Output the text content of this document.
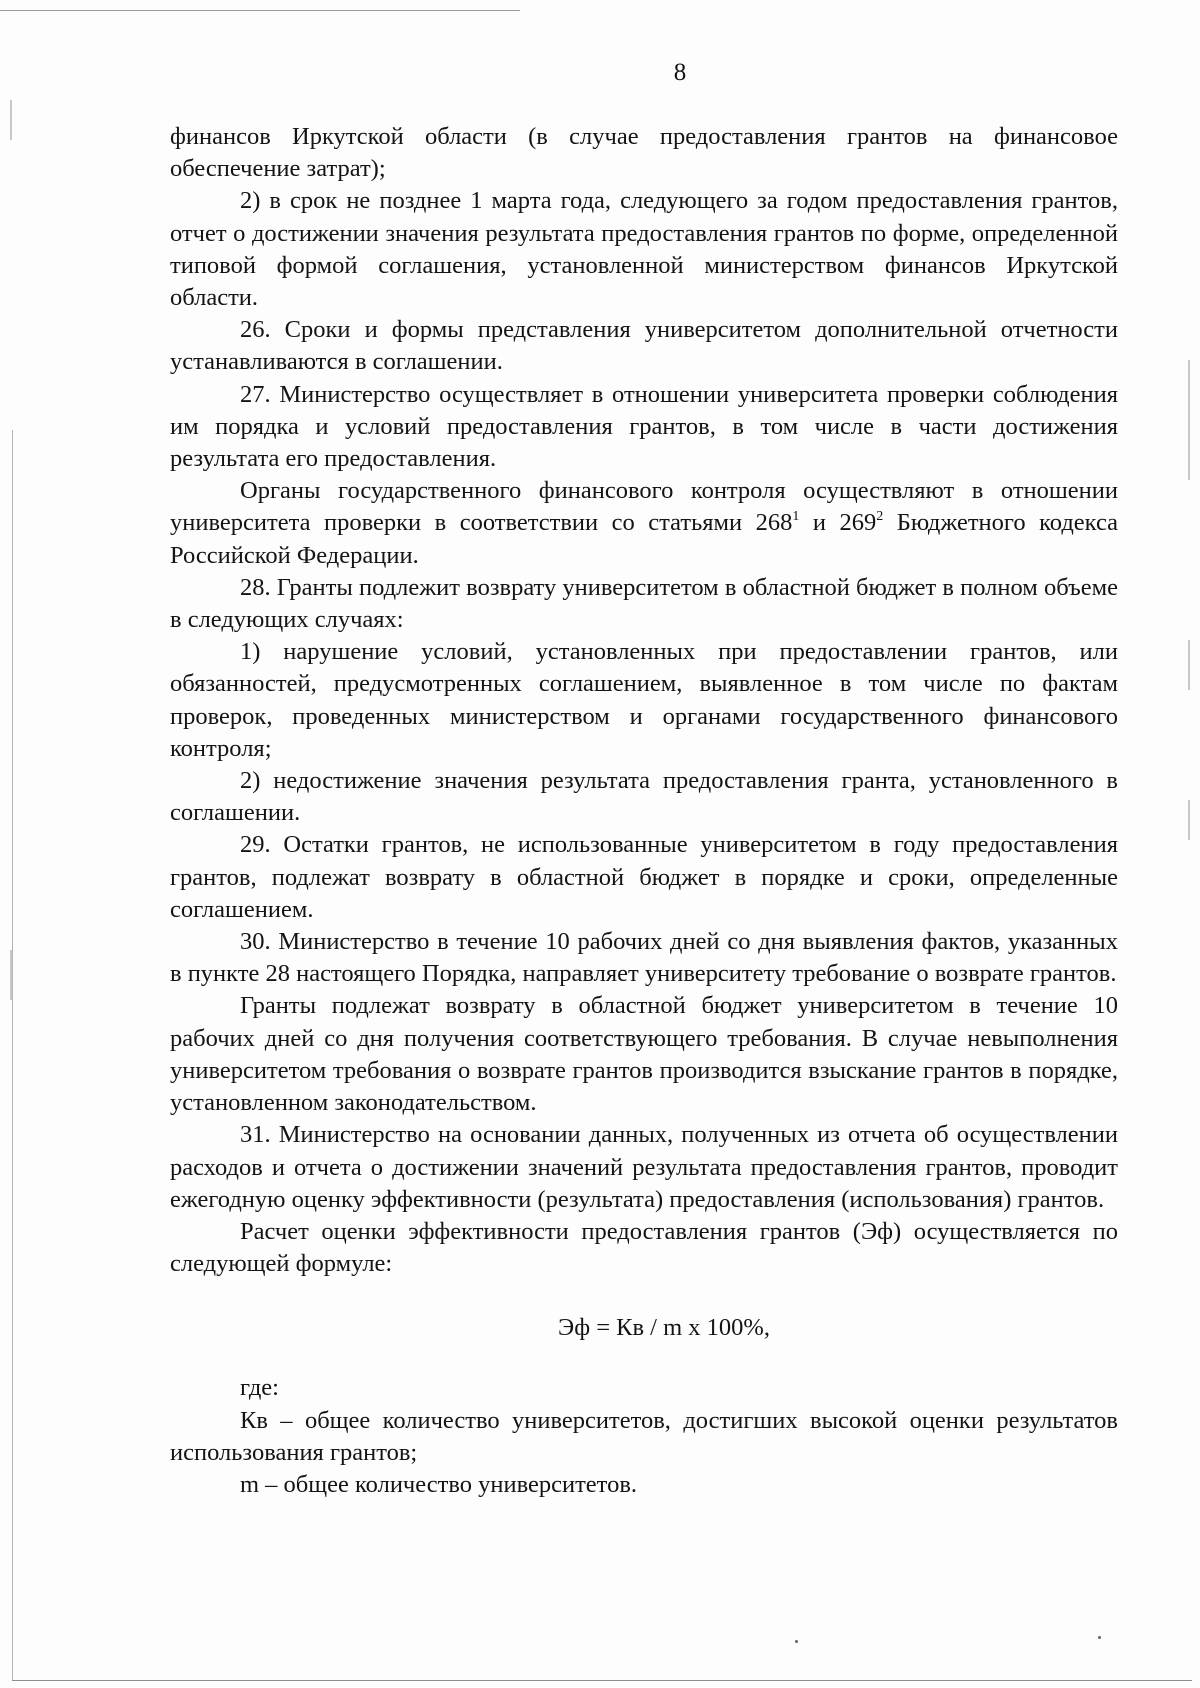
8

финансов Иркутской области (в случае предоставления грантов на финансовое обеспечение затрат);

2) в срок не позднее 1 марта года, следующего за годом предоставления грантов, отчет о достижении значения результата предоставления грантов по форме, определенной типовой формой соглашения, установленной министерством финансов Иркутской области.

26. Сроки и формы представления университетом дополнительной отчетности устанавливаются в соглашении.

27. Министерство осуществляет в отношении университета проверки соблюдения им порядка и условий предоставления грантов, в том числе в части достижения результата его предоставления.

Органы государственного финансового контроля осуществляют в отношении университета проверки в соответствии со статьями $268^1$ и $269^2$ Бюджетного кодекса Российской Федерации.

28. Гранты подлежит возврату университетом в областной бюджет в полном объеме в следующих случаях:

1) нарушение условий, установленных при предоставлении грантов, или обязанностей, предусмотренных соглашением, выявленное в том числе по фактам проверок, проведенных министерством и органами государственного финансового контроля;

2) недостижение значения результата предоставления гранта, установленного в соглашении.

29. Остатки грантов, не использованные университетом в году предоставления грантов, подлежат возврату в областной бюджет в порядке и сроки, определенные соглашением.

30. Министерство в течение 10 рабочих дней со дня выявления фактов, указанных в пункте 28 настоящего Порядка, направляет университету требование о возврате грантов.

Гранты подлежат возврату в областной бюджет университетом в течение 10 рабочих дней со дня получения соответствующего требования. В случае невыполнения университетом требования о возврате грантов производится взыскание грантов в порядке, установленном законодательством.

31. Министерство на основании данных, полученных из отчета об осуществлении расходов и отчета о достижении значений результата предоставления грантов, проводит ежегодную оценку эффективности (результата) предоставления (использования) грантов.

Расчет оценки эффективности предоставления грантов (Эф) осуществляется по следующей формуле:

Эф = Кв / m x 100%,

где:

Кв – общее количество университетов, достигших высокой оценки результатов использования грантов;

m – общее количество университетов.
